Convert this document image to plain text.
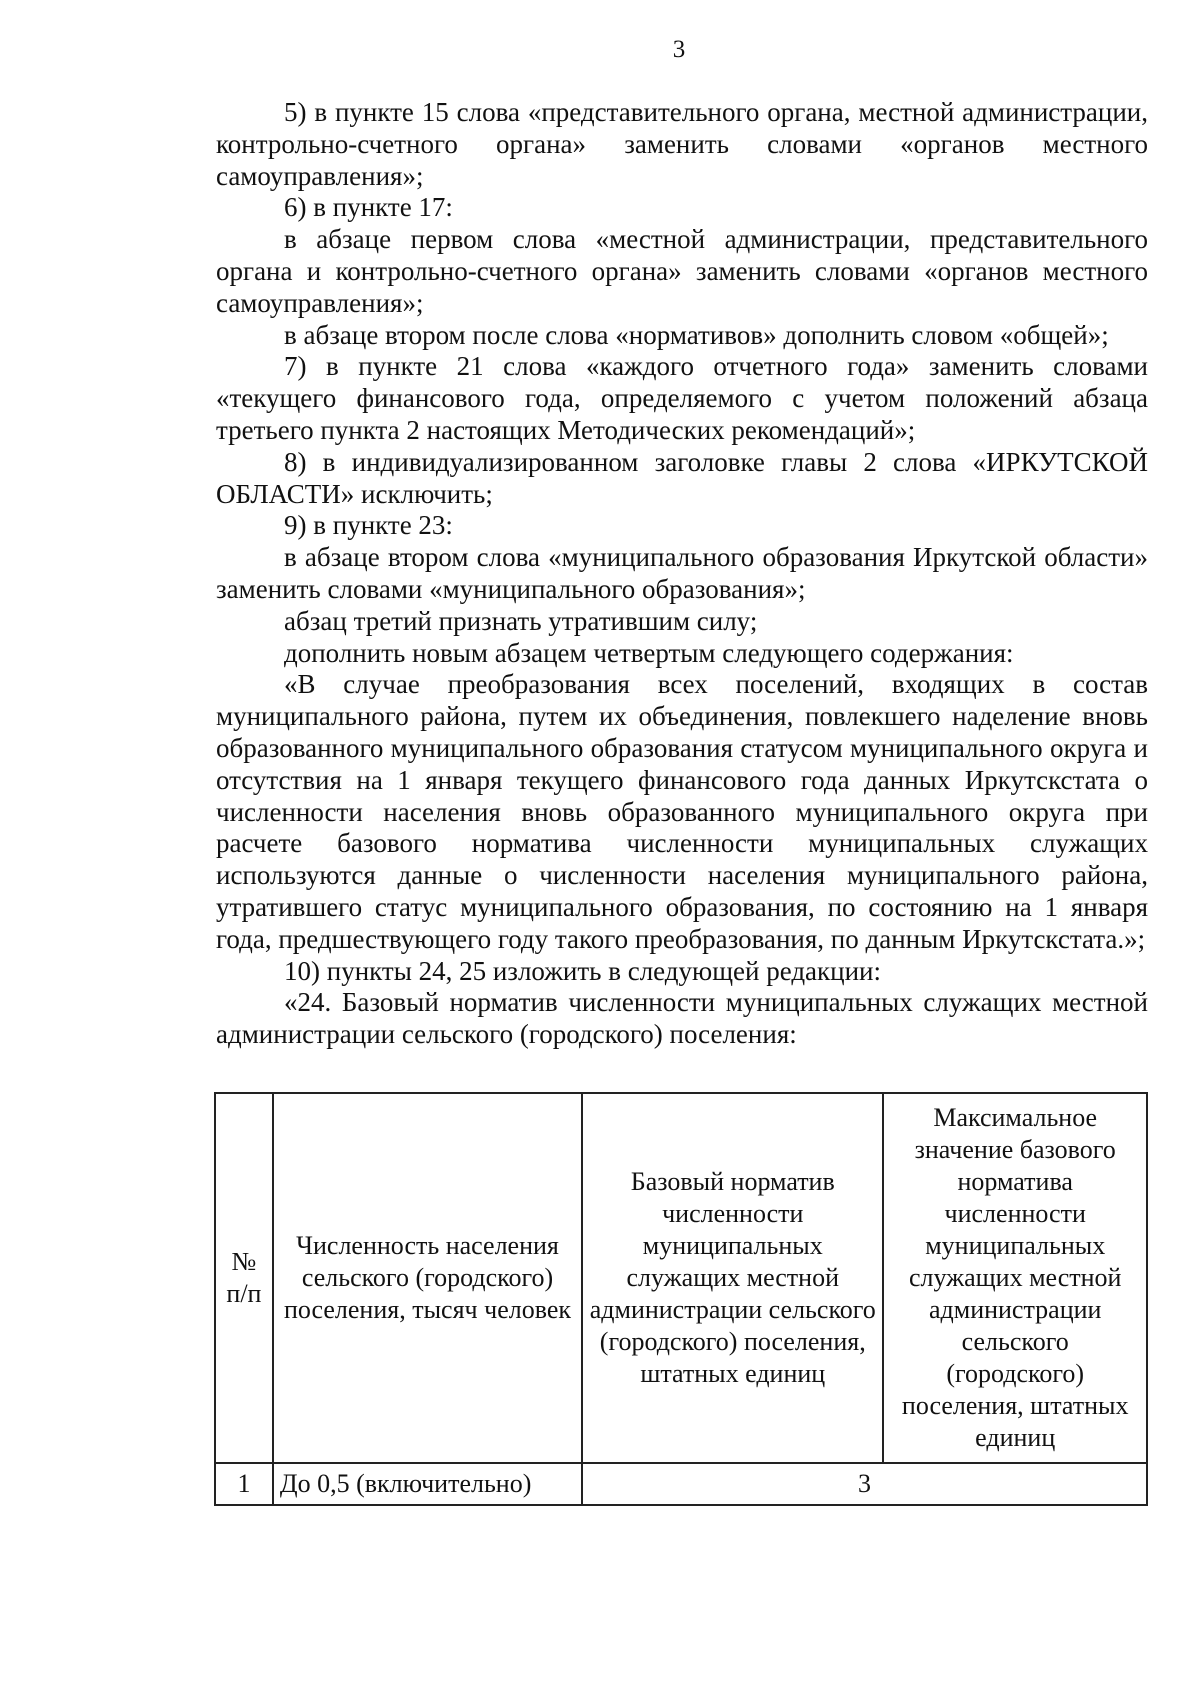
3

5) в пункте 15 слова «представительного органа, местной администрации, контрольно-счетного органа» заменить словами «органов местного самоуправления»;

6) в пункте 17:

в абзаце первом слова «местной администрации, представительного органа и контрольно-счетного органа» заменить словами «органов местного самоуправления»;

в абзаце втором после слова «нормативов» дополнить словом «общей»;

7) в пункте 21 слова «каждого отчетного года» заменить словами «текущего финансового года, определяемого с учетом положений абзаца третьего пункта 2 настоящих Методических рекомендаций»;

8) в индивидуализированном заголовке главы 2 слова «ИРКУТСКОЙ ОБЛАСТИ» исключить;

9) в пункте 23:

в абзаце втором слова «муниципального образования Иркутской области» заменить словами «муниципального образования»;

абзац третий признать утратившим силу;

дополнить новым абзацем четвертым следующего содержания:

«В случае преобразования всех поселений, входящих в состав муниципального района, путем их объединения, повлекшего наделение вновь образованного муниципального образования статусом муниципального округа и отсутствия на 1 января текущего финансового года данных Иркутскстата о численности населения вновь образованного муниципального округа при расчете базового норматива численности муниципальных служащих используются данные о численности населения муниципального района, утратившего статус муниципального образования, по состоянию на 1 января года, предшествующего году такого преобразования, по данным Иркутскстата.»;

10) пункты 24, 25 изложить в следующей редакции:

«24. Базовый норматив численности муниципальных служащих местной администрации сельского (городского) поселения:

№ п/п	Численность населения сельского (городского) поселения, тысяч человек	Базовый норматив численности муниципальных служащих местной администрации сельского (городского) поселения, штатных единиц	Максимальное значение базового норматива численности муниципальных служащих местной администрации сельского (городского) поселения, штатных единиц
1	До 0,5 (включительно)	3	
